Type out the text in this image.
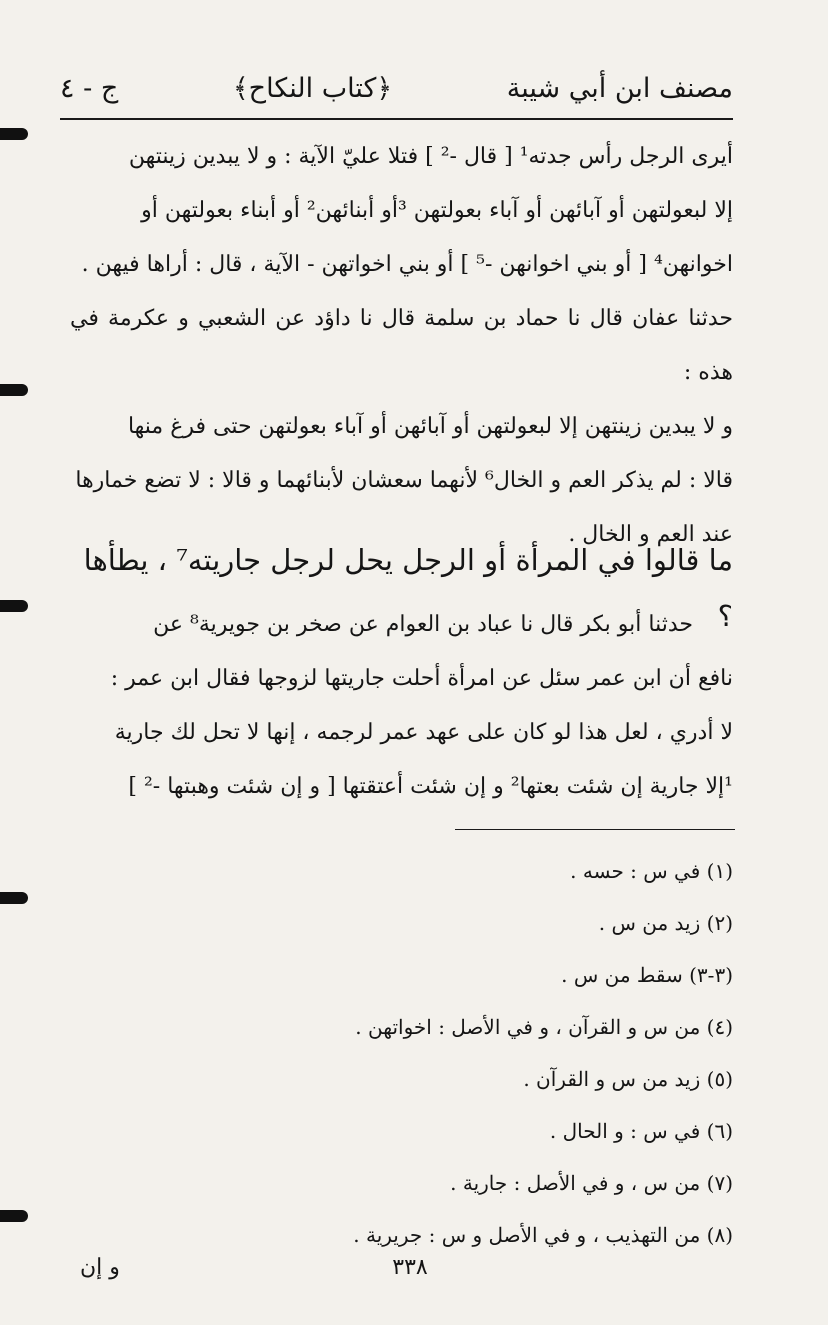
مصنف ابن أبي شيبة
﴿كتاب النكاح﴾
ج - ٤

أيرى الرجل رأس جدته¹ [ قال -² ] فتلا عليّ الآية : و لا يبدين زينتهن

إلا لبعولتهن أو آبائهن أو آباء بعولتهن ³أو أبنائهن² أو أبناء بعولتهن أو

اخوانهن⁴ [ أو بني اخوانهن -⁵ ] أو بني اخواتهن - الآية ، قال : أراها فيهن .

حدثنا عفان قال نا حماد بن سلمة قال نا داؤد عن الشعبي و عكرمة في هذه :

و لا يبدين زينتهن إلا لبعولتهن أو آبائهن أو آباء بعولتهن حتى فرغ منها

قالا : لم يذكر العم و الخال⁶ لأنهما سعشان لأبنائهما و قالا : لا تضع خمارها

عند العم و الخال .

ما قالوا في المرأة أو الرجل يحل لرجل جاريته⁷ ، يطأها ؟

حدثنا أبو بكر قال نا عباد بن العوام عن صخر بن جويرية⁸ عن

نافع أن ابن عمر سئل عن امرأة أحلت جاريتها لزوجها فقال ابن عمر :

لا أدري ، لعل هذا لو كان على عهد عمر لرجمه ، إنها لا تحل لك جارية

¹إلا جارية إن شئت بعتها² و إن شئت أعتقتها [ و إن شئت وهبتها -² ]

(١) في س : حسه .
(٢) زيد من س .
(٣-٣) سقط من س .
(٤) من س و القرآن ، و في الأصل : اخواتهن .
(٥) زيد من س و القرآن .
(٦) في س : و الحال .
(٧) من س ، و في الأصل : جارية .
(٨) من التهذيب ، و في الأصل و س : جريرية .
٣٣٨
و إن
